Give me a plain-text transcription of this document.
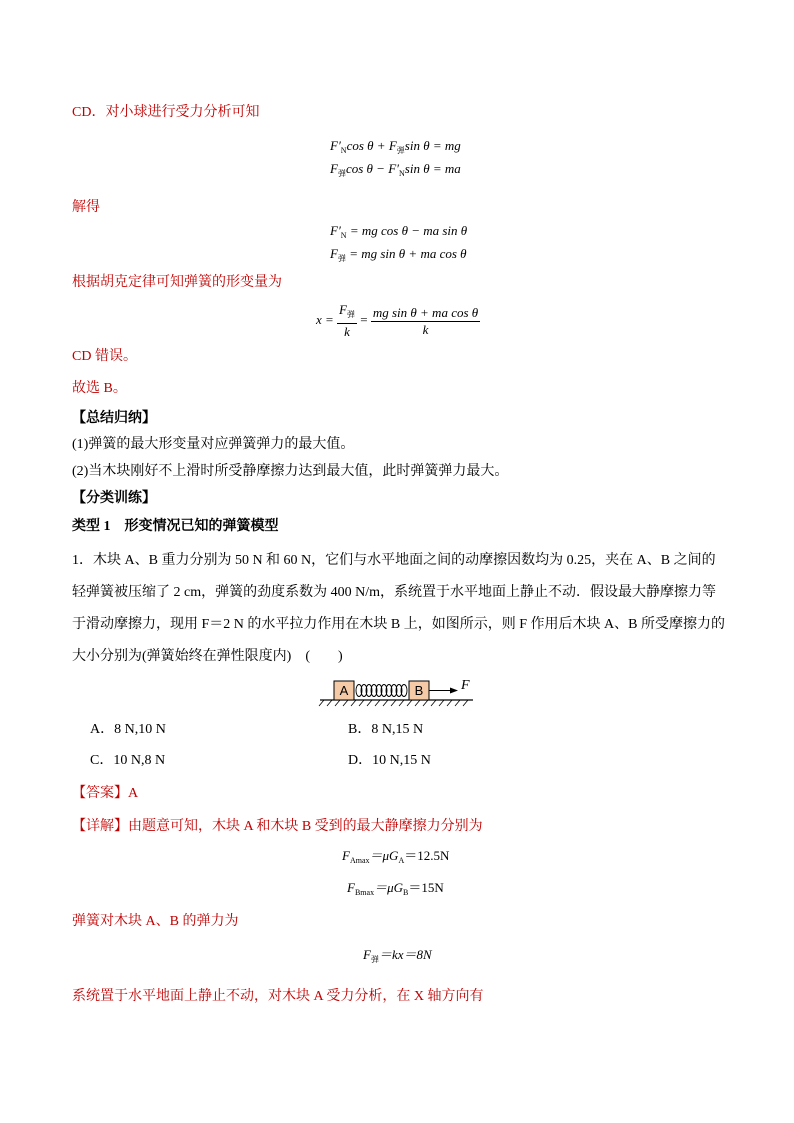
CD．对小球进行受力分析可知
$F'_N\cos$ $\theta + F_弹\sin$ θ = mg
$F_弹\cos$ $\theta - F'_N\sin$ θ = ma
解得
$F'_N$ = mg cos θ − ma sin θ
$F_弹$ = mg sin θ + ma cos θ
根据胡克定律可知弹簧的形变量为
$x = \frac{F_弹}{k} = \frac{\text{mg sin θ + ma cos θ}}{k}$
CD 错误。
故选 B。
【总结归纳】
(1)弹簧的最大形变量对应弹簧弹力的最大值。
(2)当木块刚好不上滑时所受静摩擦力达到最大值，此时弹簧弹力最大。
【分类训练】
类型 1　形变情况已知的弹簧模型
1．木块 A、B 重力分别为 50 N 和 60 N，它们与水平地面之间的动摩擦因数均为 0.25，夹在 A、B 之间的
轻弹簧被压缩了 2 cm，弹簧的劲度系数为 400 N/m，系统置于水平地面上静止不动．假设最大静摩擦力等
于滑动摩擦力，现用 F＝2 N 的水平拉力作用在木块 B 上，如图所示，则 F 作用后木块 A、B 所受摩擦力的
大小分别为(弹簧始终在弹性限度内)　(　　)
A	B	F
A．8 N,10 N	B．8 N,15 N
C．10 N,8 N	D．10 N,15 N
【答案】A
【详解】由题意可知，木块 A 和木块 B 受到的最大静摩擦力分别为
$F_{Amax}=\mu G_A=12.5N$
$F_{Bmax}=\mu G_B=15N$
弹簧对木块 A、B 的弹力为
$F_弹=kx=8N$
系统置于水平地面上静止不动，对木块 A 受力分析，在 X 轴方向有
